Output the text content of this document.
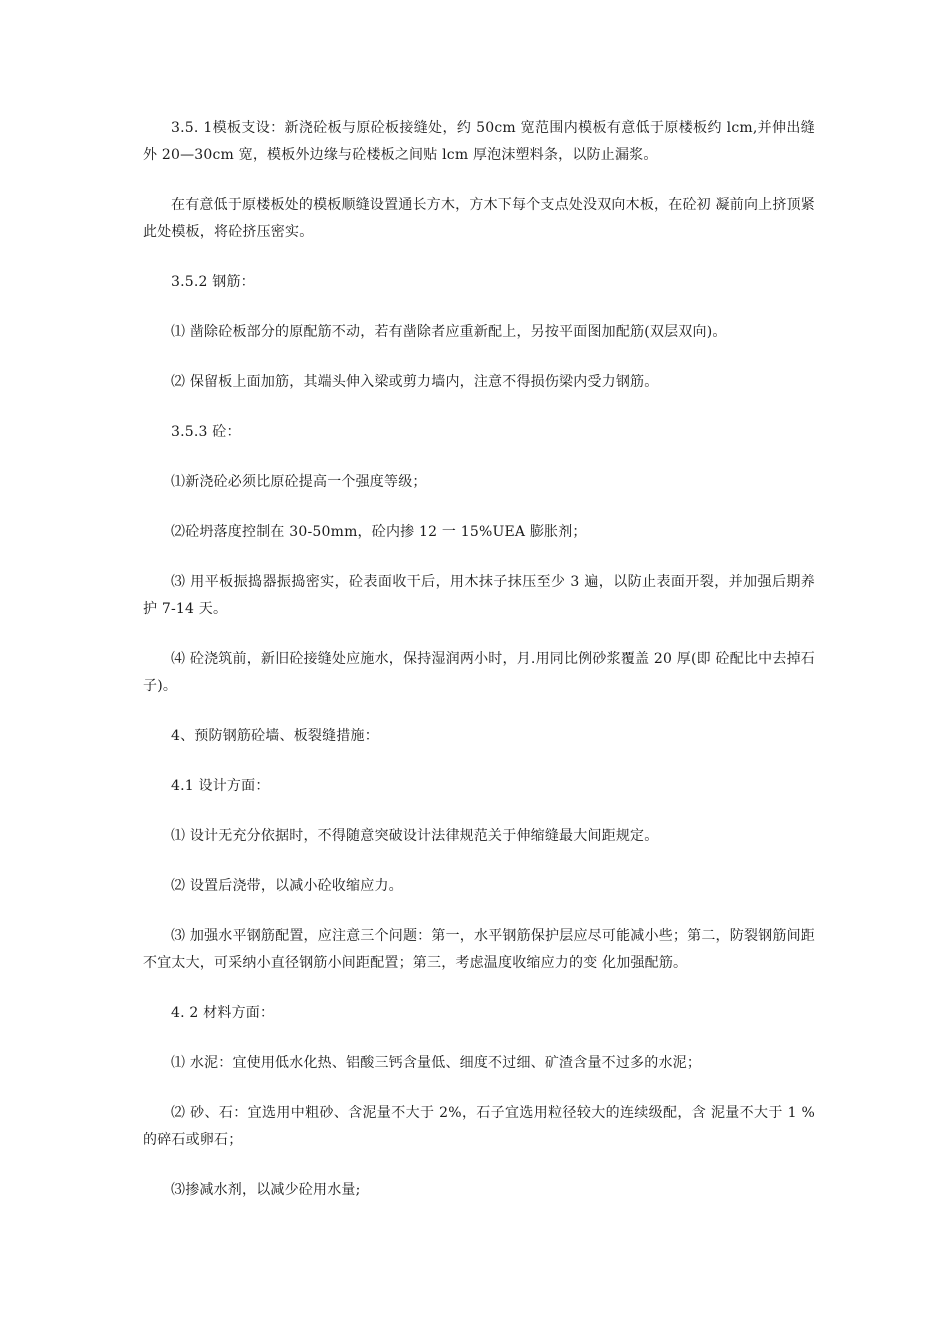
3.5. 1模板支设：新浇砼板与原砼板接缝处，约 50cm 宽范围内模板有意低于原楼板约 lcm,并伸出缝外 20—30cm 宽，模板外边缘与砼楼板之间贴 lcm 厚泡沫塑料条，以防止漏浆。

在有意低于原楼板处的模板顺缝设置通长方木，方木下每个支点处没双向木板，在砼初 凝前向上挤顶紧此处模板，将砼挤压密实。

3.5.2 钢筋：

⑴ 凿除砼板部分的原配筋不动，若有凿除者应重新配上，另按平面图加配筋(双层双向)。

⑵ 保留板上面加筋，其端头伸入梁或剪力墙内，注意不得损伤梁内受力钢筋。

3.5.3 砼：

⑴新浇砼必须比原砼提高一个强度等级；

⑵砼坍落度控制在 30-50mm，砼内掺 12 一 15%UEA 膨胀剂；

⑶ 用平板振捣器振捣密实，砼表面收干后，用木抹子抹压至少 3 遍，以防止表面开裂，并加强后期养护 7-14 天。

⑷ 砼浇筑前，新旧砼接缝处应施水，保持湿润两小时，月.用同比例砂浆覆盖 20 厚(即 砼配比中去掉石子)。

4、预防钢筋砼墙、板裂缝措施：

4.1 设计方面：

⑴ 设计无充分依据时，不得随意突破设计法律规范关于伸缩缝最大间距规定。

⑵ 设置后浇带，以减小砼收缩应力。

⑶ 加强水平钢筋配置，应注意三个问题：第一，水平钢筋保护层应尽可能减小些；第二，防裂钢筋间距不宜太大，可采纳小直径钢筋小间距配置；第三，考虑温度收缩应力的变 化加强配筋。

4. 2 材料方面：

⑴ 水泥：宜使用低水化热、铝酸三钙含量低、细度不过细、矿渣含量不过多的水泥；

⑵ 砂、石：宜选用中粗砂、含泥量不大于 2%，石子宜选用粒径较大的连续级配，含 泥量不大于 1 %的碎石或卵石；

⑶掺减水剂，以减少砼用水量;
